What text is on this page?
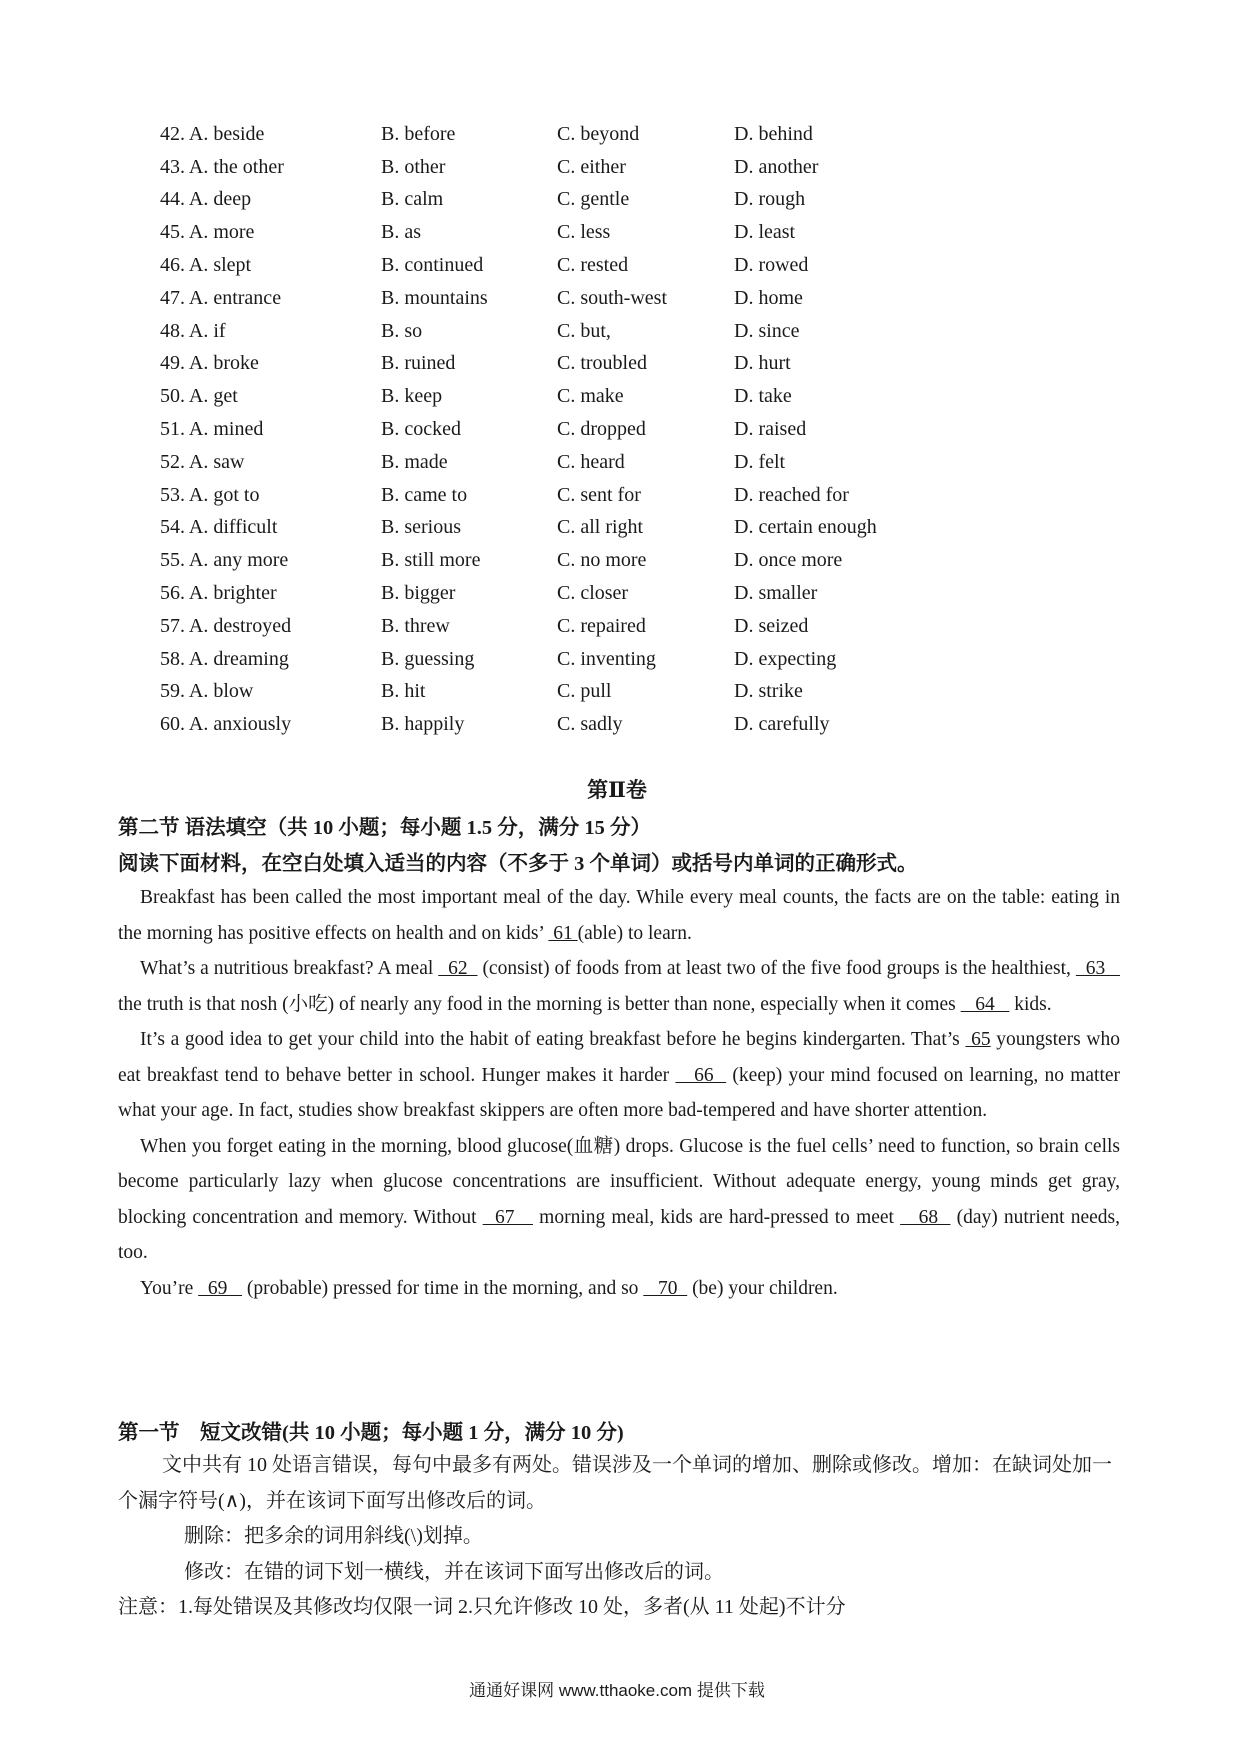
42. A. beside	B. before	C. beyond	D. behind
43. A. the other	B. other	C. either	D. another
44. A. deep	B. calm	C. gentle	D. rough
45. A. more	B. as	C. less	D. least
46. A. slept	B. continued	C. rested	D. rowed
47. A. entrance	B. mountains	C. south-west	D. home
48. A. if	B. so	C. but,	D. since
49. A. broke	B. ruined	C. troubled	D. hurt
50. A. get	B. keep	C. make	D. take
51. A. mined	B. cocked	C. dropped	D. raised
52. A. saw	B. made	C. heard	D. felt
53. A. got to	B. came to	C. sent for	D. reached for
54. A. difficult	B. serious	C. all right	D. certain enough
55. A. any more	B. still more	C. no more	D. once more
56. A. brighter	B. bigger	C. closer	D. smaller
57. A. destroyed	B. threw	C. repaired	D. seized
58. A. dreaming	B. guessing	C. inventing	D. expecting
59. A. blow	B. hit	C. pull	D. strike
60. A. anxiously	B. happily	C. sadly	D. carefully
第Ⅱ卷
第二节 语法填空（共 10 小题；每小题 1.5 分，满分 15 分）
阅读下面材料，在空白处填入适当的内容（不多于 3 个单词）或括号内单词的正确形式。

Breakfast has been called the most important meal of the day. While every meal counts, the facts are on the table: eating in the morning has positive effects on health and on kids’  61 (able) to learn.

What’s a nutritious breakfast? A meal   62   (consist) of foods from at least two of the five food groups is the healthiest,   63    the truth is that nosh (小吃) of nearly any food in the morning is better than none, especially when it comes    64    kids.

It’s a good idea to get your child into the habit of eating breakfast before he begins kindergarten. That’s  65 youngsters who eat breakfast tend to behave better in school. Hunger makes it harder    66   (keep) your mind focused on learning, no matter what your age. In fact, studies show breakfast skippers are often more bad-tempered and have shorter attention.

When you forget eating in the morning, blood glucose(血糖) drops. Glucose is the fuel cells’ need to function, so brain cells become particularly lazy when glucose concentrations are insufficient. Without adequate energy, young minds get gray, blocking concentration and memory. Without   67    morning meal, kids are hard-pressed to meet    68   (day) nutrient needs, too.

You’re   69    (probable) pressed for time in the morning, and so    70   (be) your children.

第一节    短文改错(共 10 小题；每小题 1 分，满分 10 分)

文中共有 10 处语言错误，每句中最多有两处。错误涉及一个单词的增加、删除或修改。增加：在缺词处加一个漏字符号(∧)，并在该词下面写出修改后的词。

删除：把多余的词用斜线(\)划掉。

修改：在错的词下划一横线，并在该词下面写出修改后的词。

注意：1.每处错误及其修改均仅限一词 2.只允许修改 10 处，多者(从 11 处起)不计分

通通好课网 www.tthaoke.com 提供下载
